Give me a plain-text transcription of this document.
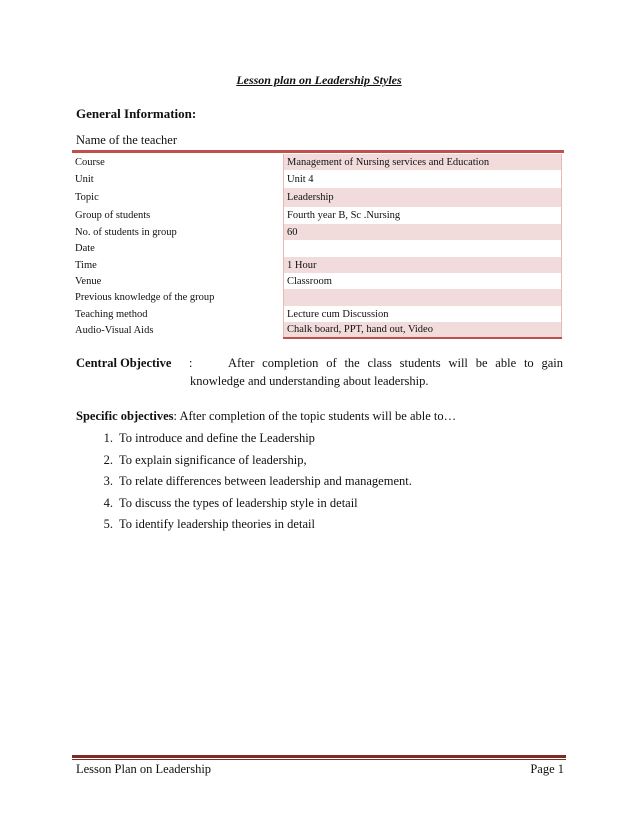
Lesson plan on Leadership Styles
General Information:
Name of the teacher
Course	Management of Nursing services and Education
Unit	Unit 4
Topic	Leadership
Group of students	Fourth year B, Sc .Nursing
No. of students in group	60
Date	
Time	1 Hour
Venue	Classroom
Previous knowledge of the group	
Teaching method	Lecture cum Discussion
Audio-Visual Aids	Chalk board, PPT, hand out, Video
Central Objective :	After completion of the class students will be able to gain knowledge and understanding about leadership.
Specific objectives: After completion of the topic students will be able to…
1. To introduce and define the Leadership
2. To explain significance of leadership,
3. To relate differences between leadership and management.
4. To discuss the types of leadership style in detail
5. To identify leadership theories in detail
Lesson Plan on Leadership	Page 1
